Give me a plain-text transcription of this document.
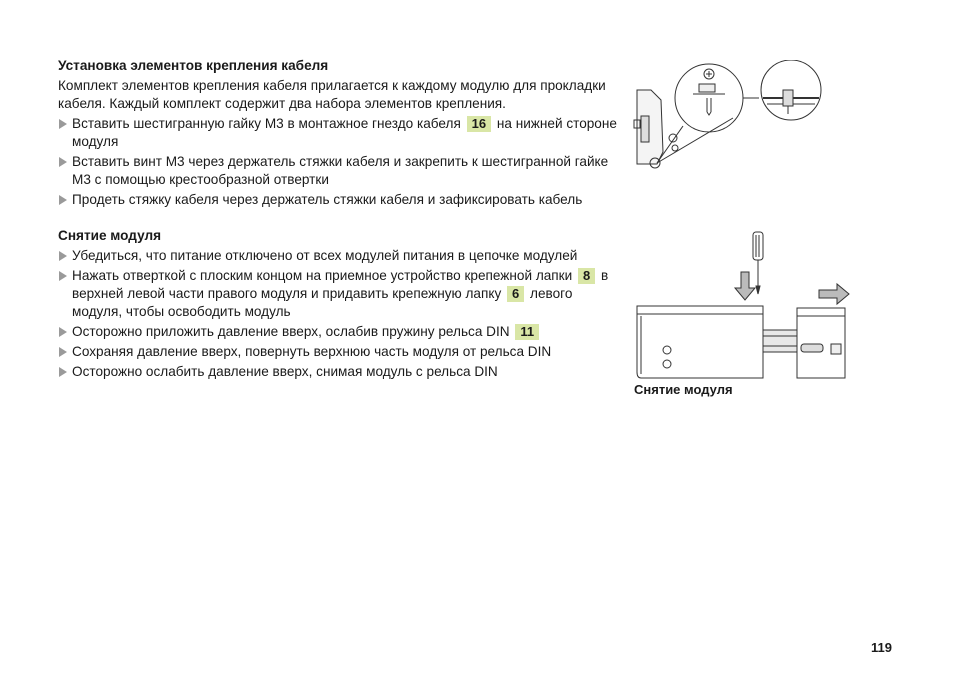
Установка элементов крепления кабеля

Комплект элементов крепления кабеля прилагается к каждому модулю для прокладки кабеля. Каждый комплект содержит два набора элементов крепления.

Вставить шестигранную гайку М3 в монтажное гнездо кабеля 16 на нижней стороне модуля
Вставить винт М3 через держатель стяжки кабеля и закрепить к шестигранной гайке М3 с помощью крестообразной отвертки
Продеть стяжку кабеля через держатель стяжки кабеля и зафиксировать кабель

Снятие модуля

Убедиться, что питание отключено от всех модулей питания в цепочке модулей
Нажать отверткой с плоским концом на приемное устройство крепежной лапки 8 в верхней левой части правого модуля и придавить крепежную лапку 6 левого модуля, чтобы освободить модуль
Осторожно приложить давление вверх, ослабив пружину рельса DIN 11
Сохраняя давление вверх, повернуть верхнюю часть модуля от рельса DIN
Осторожно ослабить давление вверх, снимая модуль с рельса DIN
Снятие модуля
119
